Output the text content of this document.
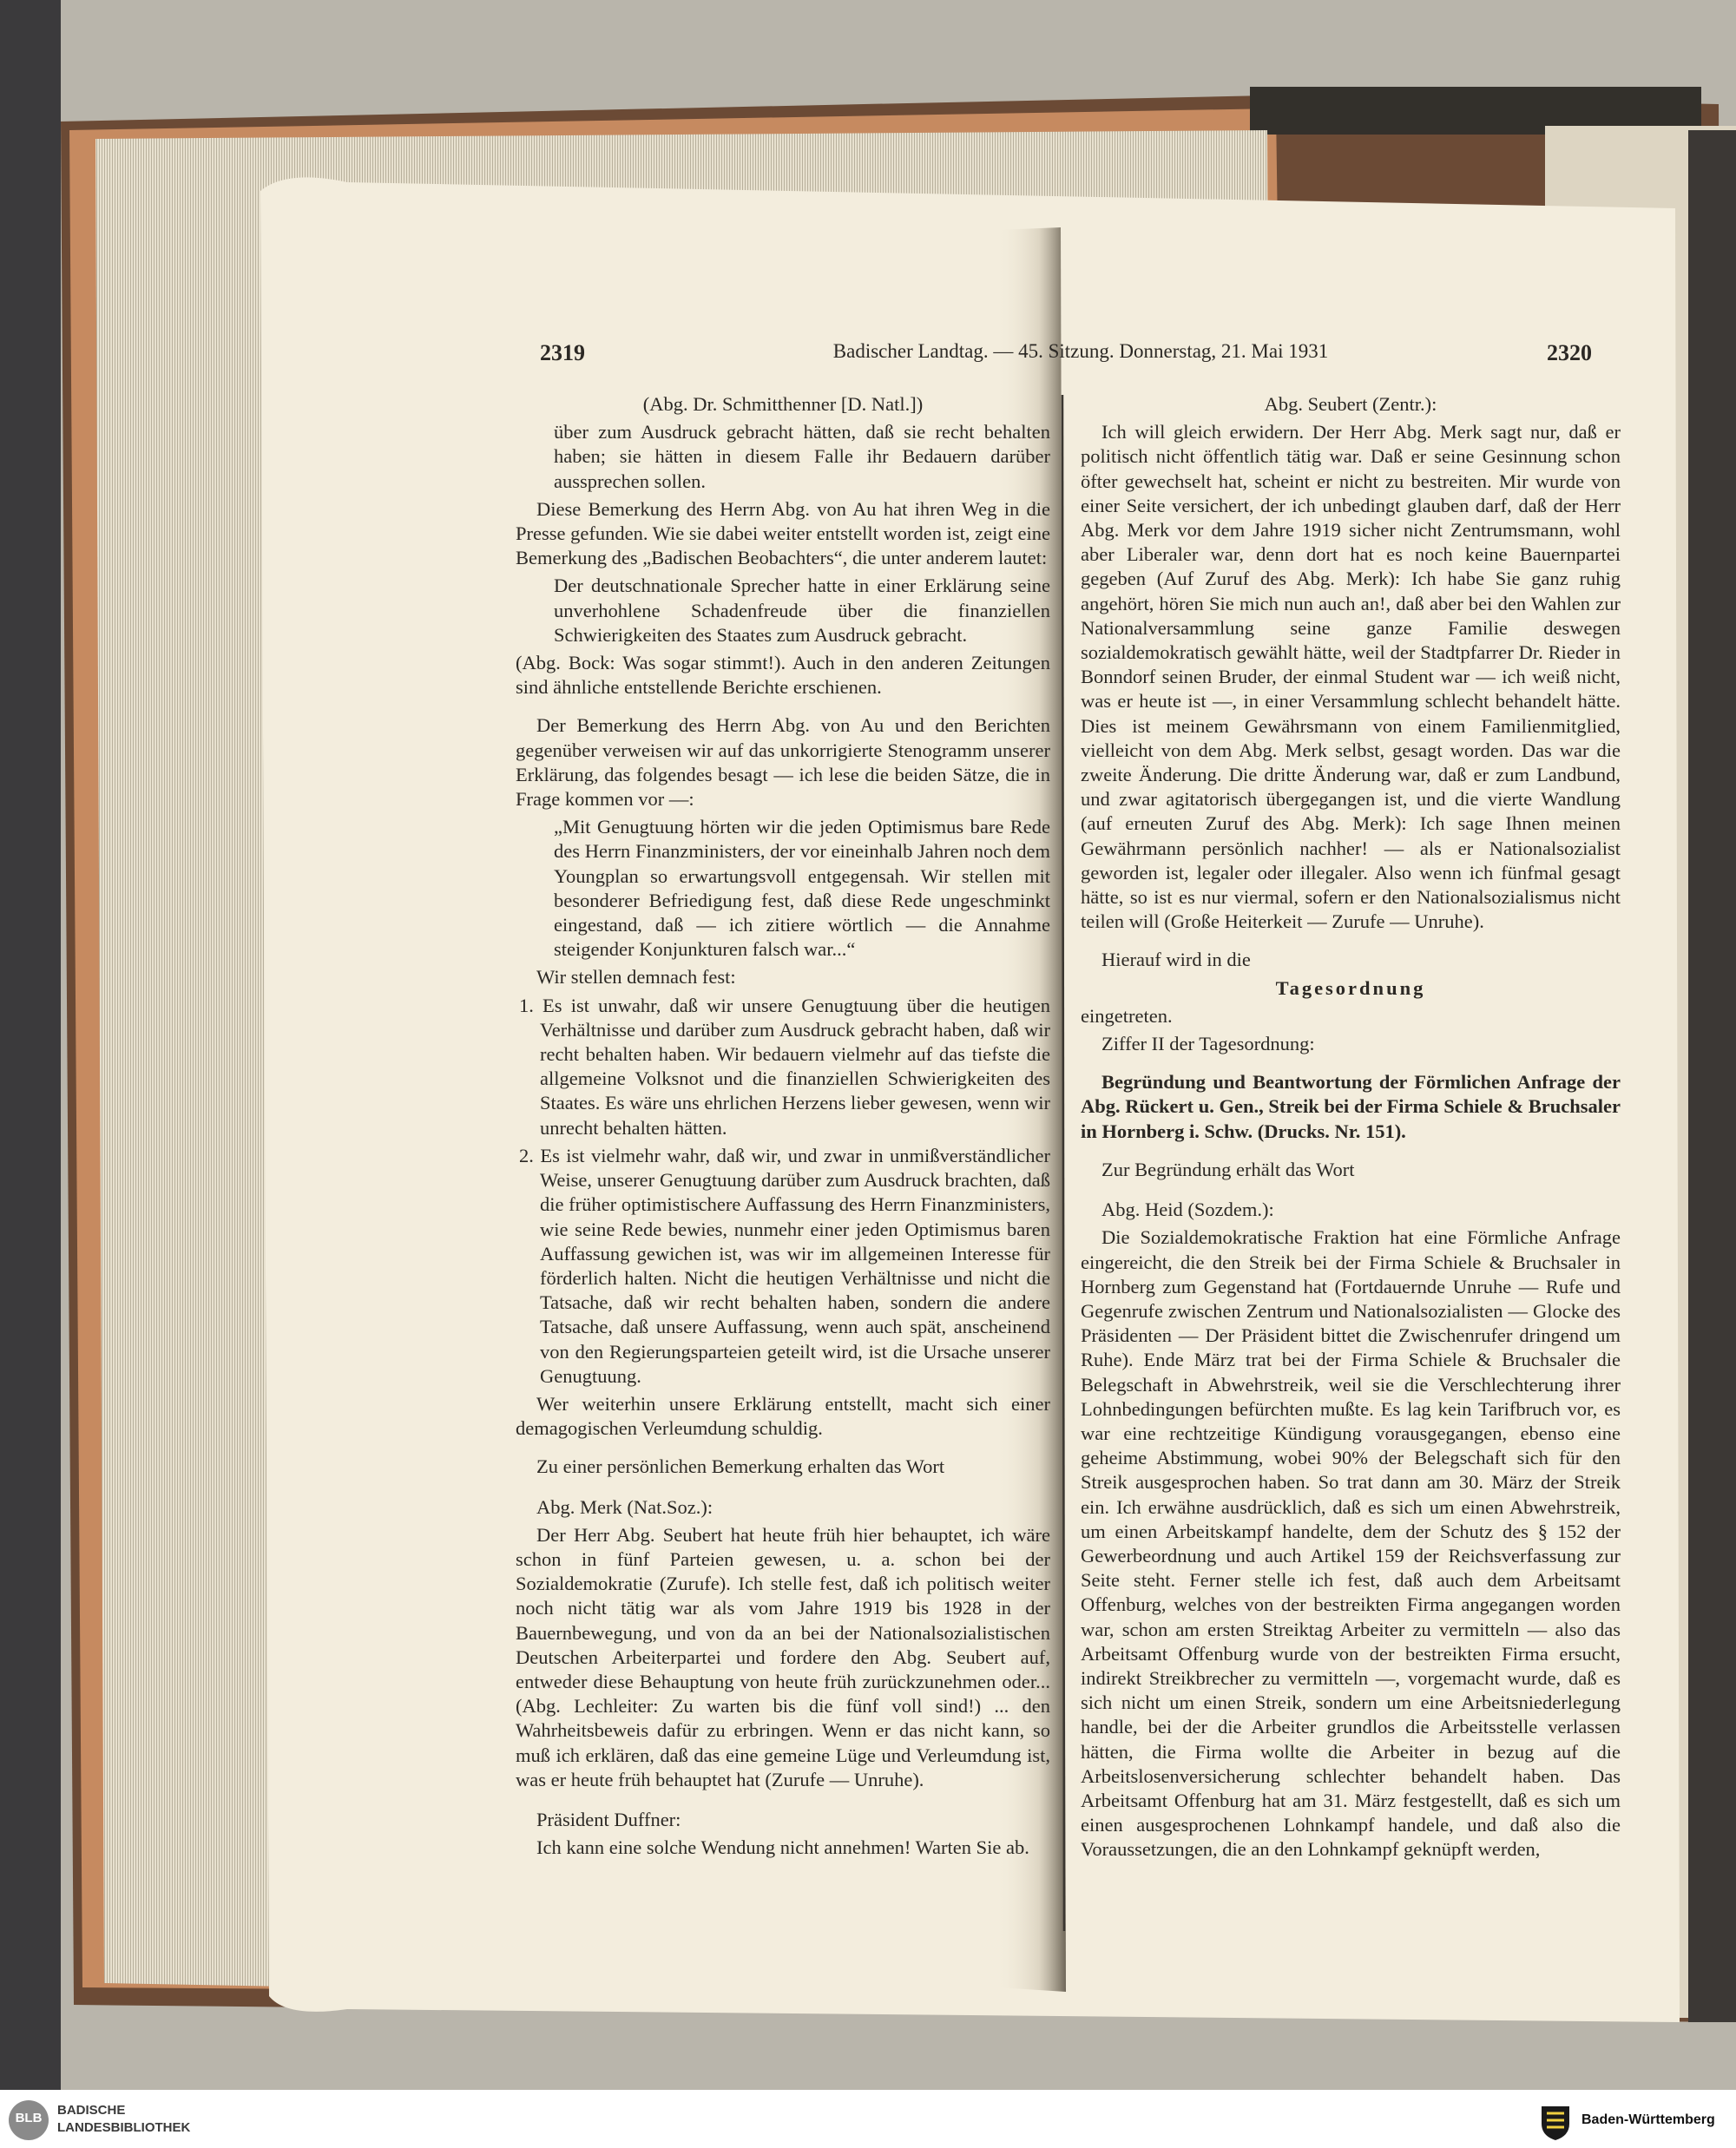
2319	Badischer Landtag. — 45. Sitzung. Donnerstag, 21. Mai 1931	2320

(Abg. Dr. Schmitthenner [D. Natl.])

über zum Ausdruck gebracht hätten, daß sie recht behalten haben; sie hätten in diesem Falle ihr Bedauern darüber aussprechen sollen.

Diese Bemerkung des Herrn Abg. von Au hat ihren Weg in die Presse gefunden. Wie sie dabei weiter entstellt worden ist, zeigt eine Bemerkung des „Badischen Beobachters“, die unter anderem lautet:

Der deutschnationale Sprecher hatte in einer Erklärung seine unverhohlene Schadenfreude über die finanziellen Schwierigkeiten des Staates zum Ausdruck gebracht.

(Abg. Bock: Was sogar stimmt!). Auch in den anderen Zeitungen sind ähnliche entstellende Berichte erschienen.

Der Bemerkung des Herrn Abg. von Au und den Berichten gegenüber verweisen wir auf das unkorrigierte Stenogramm unserer Erklärung, das folgendes besagt — ich lese die beiden Sätze, die in Frage kommen vor —:

„Mit Genugtuung hörten wir die jeden Optimismus bare Rede des Herrn Finanzministers, der vor eineinhalb Jahren noch dem Youngplan so erwartungsvoll entgegensah. Wir stellen mit besonderer Befriedigung fest, daß diese Rede ungeschminkt eingestand, daß — ich zitiere wörtlich — die Annahme steigender Konjunkturen falsch war...“

Wir stellen demnach fest:

1. Es ist unwahr, daß wir unsere Genugtuung über die heutigen Verhältnisse und darüber zum Ausdruck gebracht haben, daß wir recht behalten haben. Wir bedauern vielmehr auf das tiefste die allgemeine Volksnot und die finanziellen Schwierigkeiten des Staates. Es wäre uns ehrlichen Herzens lieber gewesen, wenn wir unrecht behalten hätten.

2. Es ist vielmehr wahr, daß wir, und zwar in unmißverständlicher Weise, unserer Genugtuung darüber zum Ausdruck brachten, daß die früher optimistischere Auffassung des Herrn Finanzministers, wie seine Rede bewies, nunmehr einer jeden Optimismus baren Auffassung gewichen ist, was wir im allgemeinen Interesse für förderlich halten. Nicht die heutigen Verhältnisse und nicht die Tatsache, daß wir recht behalten haben, sondern die andere Tatsache, daß unsere Auffassung, wenn auch spät, anscheinend von den Regierungsparteien geteilt wird, ist die Ursache unserer Genugtuung.

Wer weiterhin unsere Erklärung entstellt, macht sich einer demagogischen Verleumdung schuldig.

Zu einer persönlichen Bemerkung erhalten das Wort

Abg. Merk (Nat.Soz.):

Der Herr Abg. Seubert hat heute früh hier behauptet, ich wäre schon in fünf Parteien gewesen, u. a. schon bei der Sozialdemokratie (Zurufe). Ich stelle fest, daß ich politisch weiter noch nicht tätig war als vom Jahre 1919 bis 1928 in der Bauernbewegung, und von da an bei der Nationalsozialistischen Deutschen Arbeiterpartei und fordere den Abg. Seubert auf, entweder diese Behauptung von heute früh zurückzunehmen oder... (Abg. Lechleiter: Zu warten bis die fünf voll sind!) ... den Wahrheitsbeweis dafür zu erbringen. Wenn er das nicht kann, so muß ich erklären, daß das eine gemeine Lüge und Verleumdung ist, was er heute früh behauptet hat (Zurufe — Unruhe).

Präsident Duffner:

Ich kann eine solche Wendung nicht annehmen! Warten Sie ab.

Abg. Seubert (Zentr.):

Ich will gleich erwidern. Der Herr Abg. Merk sagt nur, daß er politisch nicht öffentlich tätig war. Daß er seine Gesinnung schon öfter gewechselt hat, scheint er nicht zu bestreiten. Mir wurde von einer Seite versichert, der ich unbedingt glauben darf, daß der Herr Abg. Merk vor dem Jahre 1919 sicher nicht Zentrumsmann, wohl aber Liberaler war, denn dort hat es noch keine Bauernpartei gegeben (Auf Zuruf des Abg. Merk): Ich habe Sie ganz ruhig angehört, hören Sie mich nun auch an!, daß aber bei den Wahlen zur Nationalversammlung seine ganze Familie deswegen sozialdemokratisch gewählt hätte, weil der Stadtpfarrer Dr. Rieder in Bonndorf seinen Bruder, der einmal Student war — ich weiß nicht, was er heute ist —, in einer Versammlung schlecht behandelt hätte. Dies ist meinem Gewährsmann von einem Familienmitglied, vielleicht von dem Abg. Merk selbst, gesagt worden. Das war die zweite Änderung. Die dritte Änderung war, daß er zum Landbund, und zwar agitatorisch übergegangen ist, und die vierte Wandlung (auf erneuten Zuruf des Abg. Merk): Ich sage Ihnen meinen Gewährmann persönlich nachher! — als er Nationalsozialist geworden ist, legaler oder illegaler. Also wenn ich fünfmal gesagt hätte, so ist es nur viermal, sofern er den Nationalsozialismus nicht teilen will (Große Heiterkeit — Zurufe — Unruhe).

Hierauf wird in die

Tagesordnung

eingetreten.

Ziffer II der Tagesordnung:

Begründung und Beantwortung der Förmlichen Anfrage der Abg. Rückert u. Gen., Streik bei der Firma Schiele & Bruchsaler in Hornberg i. Schw. (Drucks. Nr. 151).

Zur Begründung erhält das Wort

Abg. Heid (Sozdem.):

Die Sozialdemokratische Fraktion hat eine Förmliche Anfrage eingereicht, die den Streik bei der Firma Schiele & Bruchsaler in Hornberg zum Gegenstand hat (Fortdauernde Unruhe — Rufe und Gegenrufe zwischen Zentrum und Nationalsozialisten — Glocke des Präsidenten — Der Präsident bittet die Zwischenrufer dringend um Ruhe). Ende März trat bei der Firma Schiele & Bruchsaler die Belegschaft in Abwehrstreik, weil sie die Verschlechterung ihrer Lohnbedingungen befürchten mußte. Es lag kein Tarifbruch vor, es war eine rechtzeitige Kündigung vorausgegangen, ebenso eine geheime Abstimmung, wobei 90% der Belegschaft sich für den Streik ausgesprochen haben. So trat dann am 30. März der Streik ein. Ich erwähne ausdrücklich, daß es sich um einen Abwehrstreik, um einen Arbeitskampf handelte, dem der Schutz des § 152 der Gewerbeordnung und auch Artikel 159 der Reichsverfassung zur Seite steht. Ferner stelle ich fest, daß auch dem Arbeitsamt Offenburg, welches von der bestreikten Firma angegangen worden war, schon am ersten Streiktag Arbeiter zu vermitteln — also das Arbeitsamt Offenburg wurde von der bestreikten Firma ersucht, indirekt Streikbrecher zu vermitteln —, vorgemacht wurde, daß es sich nicht um einen Streik, sondern um eine Arbeitsniederlegung handle, bei der die Arbeiter grundlos die Arbeitsstelle verlassen hätten, die Firma wollte die Arbeiter in bezug auf die Arbeitslosenversicherung schlechter behandelt haben. Das Arbeitsamt Offenburg hat am 31. März festgestellt, daß es sich um einen ausgesprochenen Lohnkampf handele, und daß also die Voraussetzungen, die an den Lohnkampf geknüpft werden,

BLB
BADISCHE
LANDESBIBLIOTHEK
Baden-Württemberg
